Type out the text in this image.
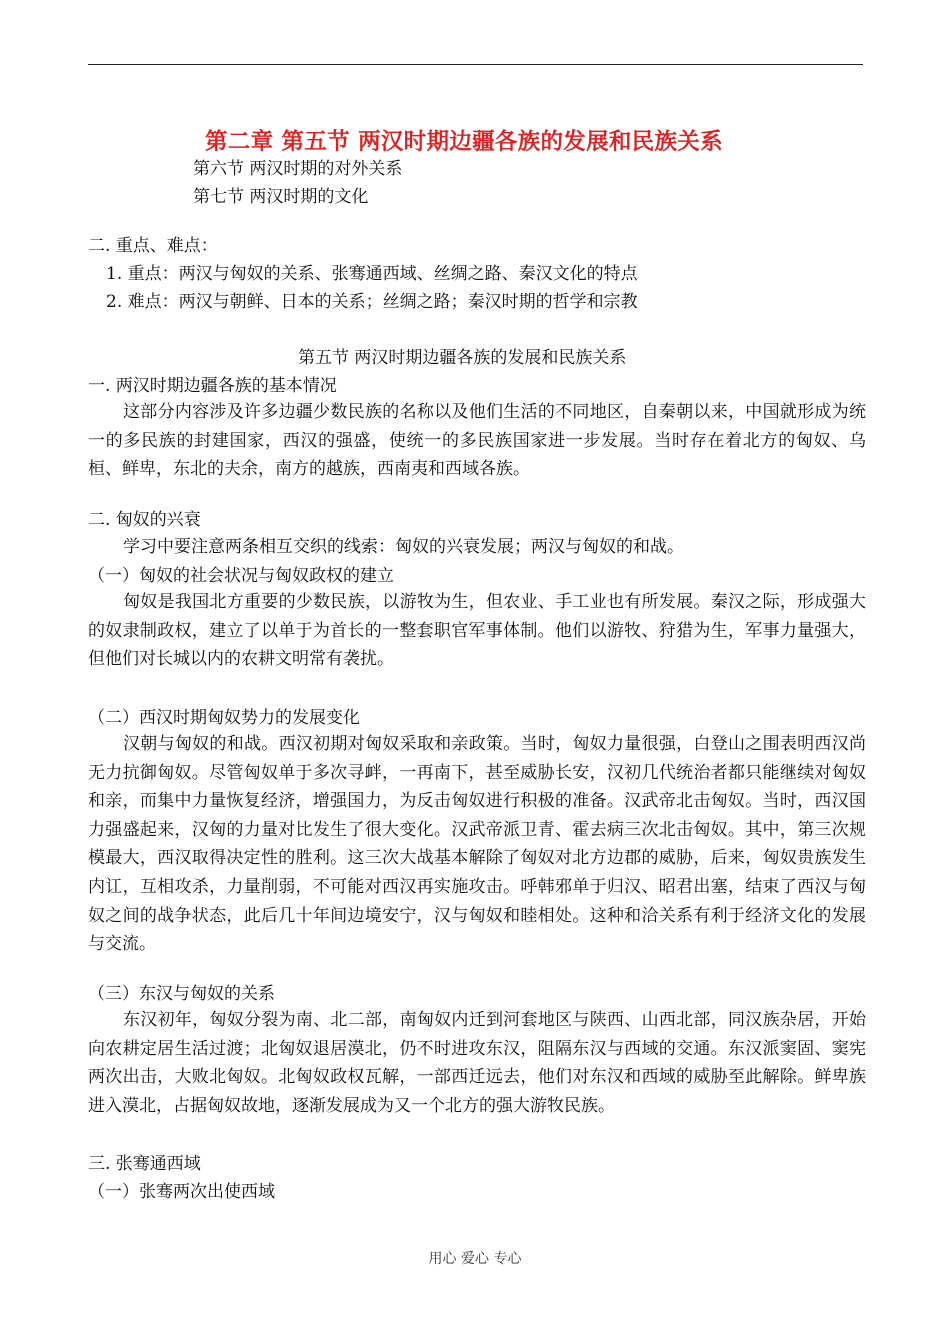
第二章 第五节 两汉时期边疆各族的发展和民族关系
第六节 两汉时期的对外关系
第七节 两汉时期的文化
二. 重点、难点：
1. 重点：两汉与匈奴的关系、张骞通西域、丝绸之路、秦汉文化的特点
2. 难点：两汉与朝鲜、日本的关系；丝绸之路；秦汉时期的哲学和宗教
第五节 两汉时期边疆各族的发展和民族关系
一. 两汉时期边疆各族的基本情况
这部分内容涉及许多边疆少数民族的名称以及他们生活的不同地区，自秦朝以来，中国就形成为统一的多民族的封建国家，西汉的强盛，使统一的多民族国家进一步发展。当时存在着北方的匈奴、乌桓、鲜卑，东北的夫余，南方的越族，西南夷和西域各族。
二. 匈奴的兴衰
学习中要注意两条相互交织的线索：匈奴的兴衰发展；两汉与匈奴的和战。
（一）匈奴的社会状况与匈奴政权的建立
匈奴是我国北方重要的少数民族，以游牧为生，但农业、手工业也有所发展。秦汉之际，形成强大的奴隶制政权，建立了以单于为首长的一整套职官军事体制。他们以游牧、狩猎为生，军事力量强大，但他们对长城以内的农耕文明常有袭扰。
（二）西汉时期匈奴势力的发展变化
汉朝与匈奴的和战。西汉初期对匈奴采取和亲政策。当时，匈奴力量很强，白登山之围表明西汉尚无力抗御匈奴。尽管匈奴单于多次寻衅，一再南下，甚至威胁长安，汉初几代统治者都只能继续对匈奴和亲，而集中力量恢复经济，增强国力，为反击匈奴进行积极的准备。汉武帝北击匈奴。当时，西汉国力强盛起来，汉匈的力量对比发生了很大变化。汉武帝派卫青、霍去病三次北击匈奴。其中，第三次规模最大，西汉取得决定性的胜利。这三次大战基本解除了匈奴对北方边郡的威胁，后来，匈奴贵族发生内讧，互相攻杀，力量削弱，不可能对西汉再实施攻击。呼韩邪单于归汉、昭君出塞，结束了西汉与匈奴之间的战争状态，此后几十年间边境安宁，汉与匈奴和睦相处。这种和洽关系有利于经济文化的发展与交流。
（三）东汉与匈奴的关系
东汉初年，匈奴分裂为南、北二部，南匈奴内迁到河套地区与陕西、山西北部，同汉族杂居，开始向农耕定居生活过渡；北匈奴退居漠北，仍不时进攻东汉，阻隔东汉与西域的交通。东汉派窦固、窦宪两次出击，大败北匈奴。北匈奴政权瓦解，一部西迁远去，他们对东汉和西域的威胁至此解除。鲜卑族进入漠北，占据匈奴故地，逐渐发展成为又一个北方的强大游牧民族。
三. 张骞通西域
（一）张骞两次出使西域
用心 爱心 专心
